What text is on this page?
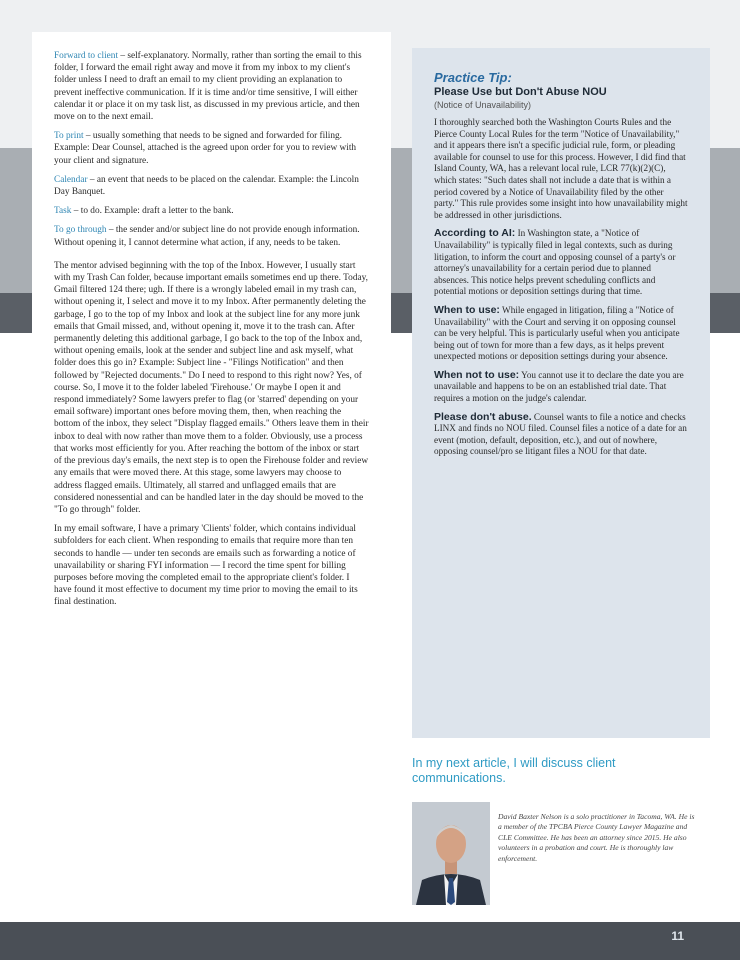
Forward to client – self-explanatory. Normally, rather than sorting the email to this folder, I forward the email right away and move it from my inbox to my client's folder unless I need to draft an email to my client providing an explanation to prevent ineffective communication. If it is time and/or time sensitive, I will either calendar it or place it on my task list, as discussed in my previous article, and then move on to the next email.

To print – usually something that needs to be signed and forwarded for filing. Example: Dear Counsel, attached is the agreed upon order for you to review with your client and signature.

Calendar – an event that needs to be placed on the calendar. Example: the Lincoln Day Banquet.

Task – to do. Example: draft a letter to the bank.

To go through – the sender and/or subject line do not provide enough information. Without opening it, I cannot determine what action, if any, needs to be taken.

The mentor advised beginning with the top of the Inbox. However, I usually start with my Trash Can folder, because important emails sometimes end up there. Today, Gmail filtered 124 there; ugh. If there is a wrongly labeled email in my trash can, without opening it, I select and move it to my Inbox. After permanently deleting the garbage, I go to the top of my Inbox and look at the subject line for any more junk emails that Gmail missed, and, without opening it, move it to the trash can. After permanently deleting this additional garbage, I go back to the top of the Inbox and, without opening emails, look at the sender and subject line and ask myself, what folder does this go in? Example: Subject line - "Filings Notification" and then followed by "Rejected documents." Do I need to respond to this right now? Yes, of course. So, I move it to the folder labeled 'Firehouse.' Or maybe I open it and respond immediately? Some lawyers prefer to flag (or 'starred' depending on your email software) important ones before moving them, then, when reaching the bottom of the inbox, they select "Display flagged emails." Others leave them in their inbox to deal with now rather than move them to a folder. Obviously, use a process that works most efficiently for you. After reaching the bottom of the inbox or start of the previous day's emails, the next step is to open the Firehouse folder and review any emails that were moved there. At this stage, some lawyers may choose to address flagged emails. Ultimately, all starred and unflagged emails that are considered nonessential and can be handled later in the day should be moved to the "To go through" folder.

In my email software, I have a primary 'Clients' folder, which contains individual subfolders for each client. When responding to emails that require more than ten seconds to handle — under ten seconds are emails such as forwarding a notice of unavailability or sharing FYI information — I record the time spent for billing purposes before moving the completed email to the appropriate client's folder. I have found it most effective to document my time prior to moving the email to its final destination.

Practice Tip:

Please Use but Don't Abuse NOU

(Notice of Unavailability)

I thoroughly searched both the Washington Courts Rules and the Pierce County Local Rules for the term "Notice of Unavailability," and it appears there isn't a specific judicial rule, form, or pleading available for counsel to use for this process. However, I did find that Island County, WA, has a relevant local rule, LCR 77(k)(2)(C), which states: "Such dates shall not include a date that is within a period covered by a Notice of Unavailability filed by the other party." This rule provides some insight into how unavailability might be addressed in other jurisdictions.

According to AI: In Washington state, a "Notice of Unavailability" is typically filed in legal contexts, such as during litigation, to inform the court and opposing counsel of a party's or attorney's unavailability for a certain period due to planned absences. This notice helps prevent scheduling conflicts and potential motions or deposition settings during that time.

When to use: While engaged in litigation, filing a "Notice of Unavailability" with the Court and serving it on opposing counsel can be very helpful. This is particularly useful when you anticipate being out of town for more than a few days, as it helps prevent unexpected motions or deposition settings during your absence.

When not to use: You cannot use it to declare the date you are unavailable and happens to be on an established trial date. That requires a motion on the judge's calendar.

Please don't abuse. Counsel wants to file a notice and checks LINX and finds no NOU filed. Counsel files a notice of a date for an event (motion, default, deposition, etc.), and out of nowhere, opposing counsel/pro se litigant files a NOU for that date.

In my next article, I will discuss client communications.

David Baxter Nelson is a solo practitioner in Tacoma, WA. He is a member of the TPCBA Pierce County Lawyer Magazine and CLE Committee. He has been an attorney since 2015. He also volunteers in a probation and court. He is thoroughly law enforcement.

11
